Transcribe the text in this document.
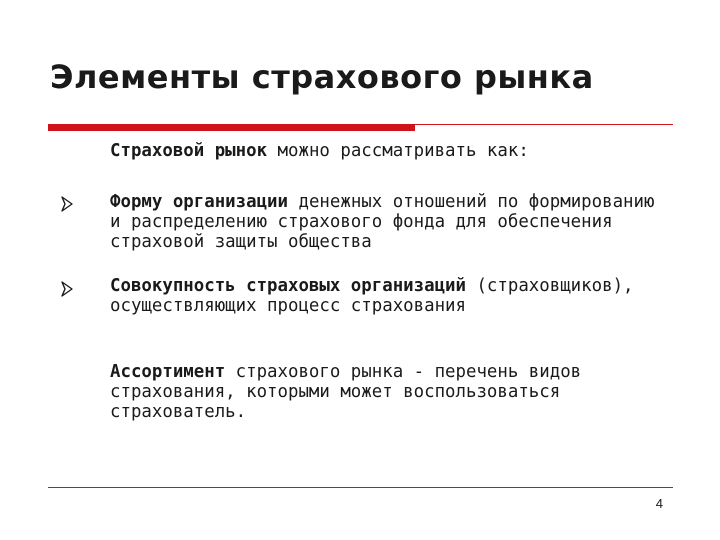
Элементы страхового рынка

Страховой рынок можно рассматривать как:

Форму организации денежных отношений по формированию и распределению страхового фонда для обеспечения страховой защиты общества

Совокупность страховых организаций (страховщиков), осуществляющих процесс страхования

Ассортимент страхового рынка - перечень видов страхования, которыми может воспользоваться страхователь.

4
